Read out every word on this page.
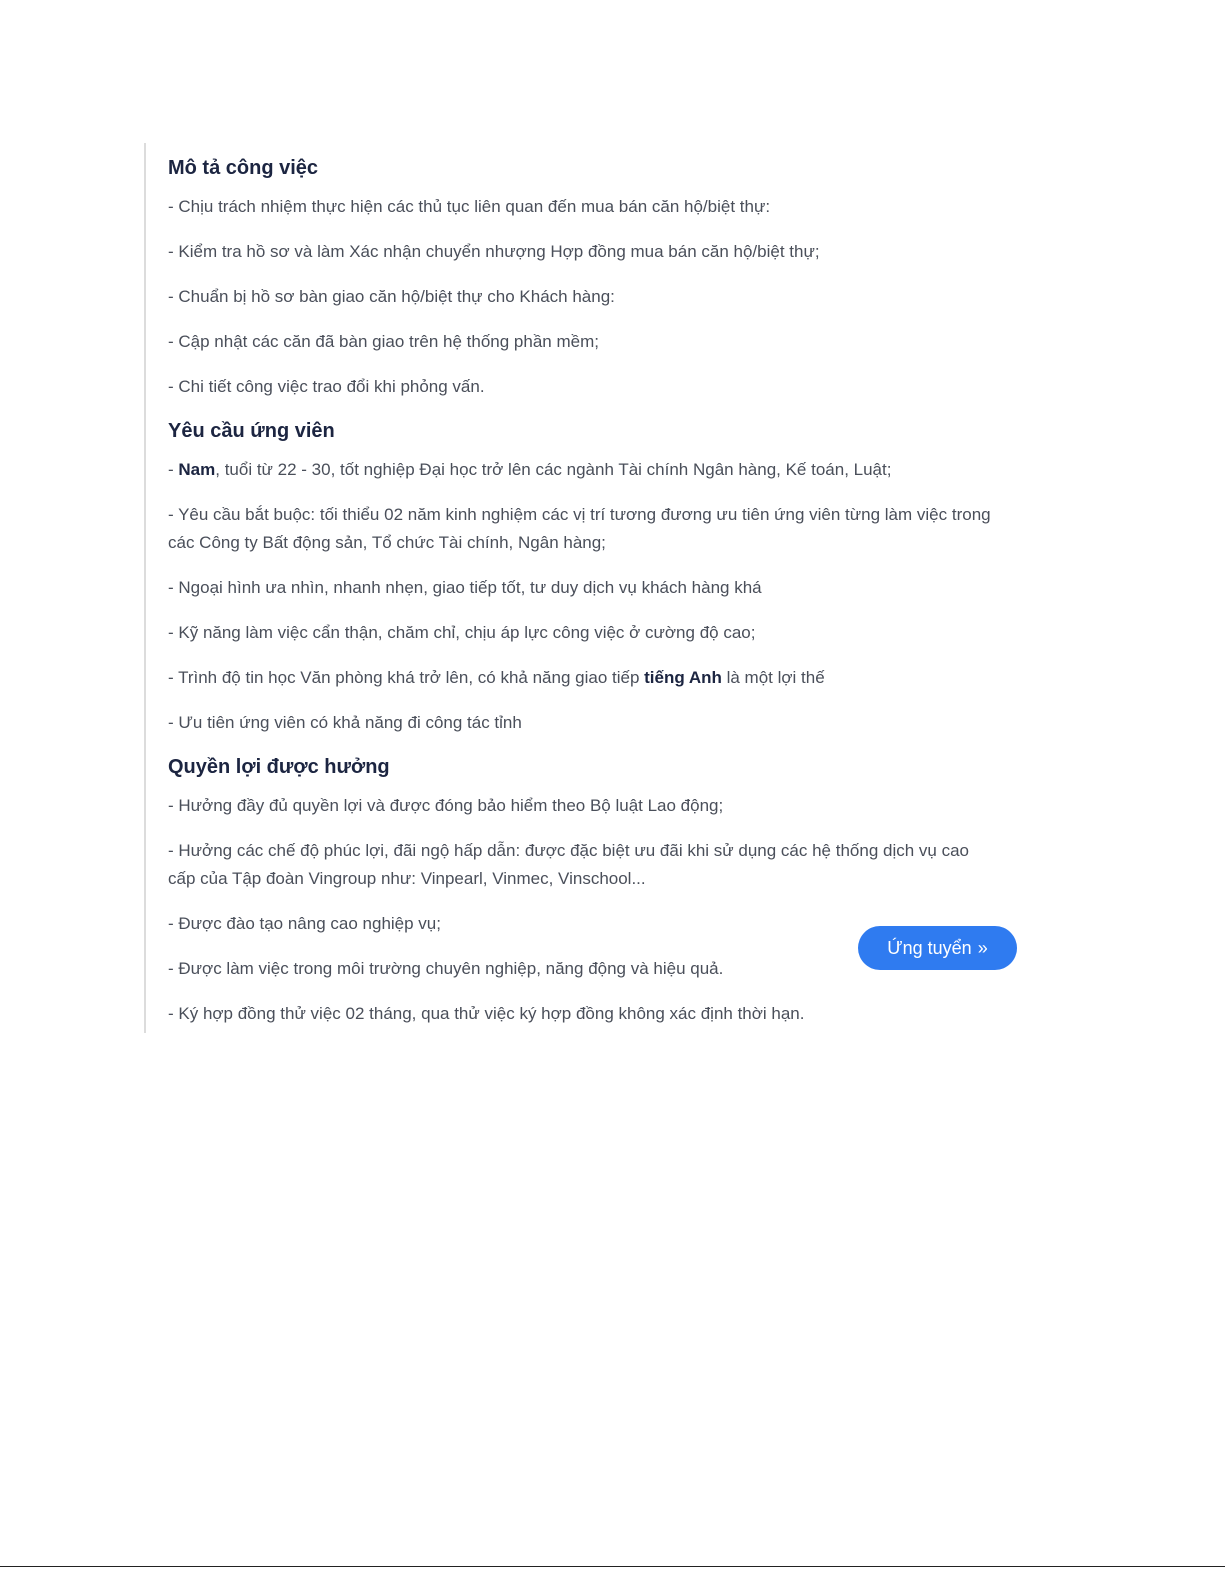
Mô tả công việc

- Chịu trách nhiệm thực hiện các thủ tục liên quan đến mua bán căn hộ/biệt thự:

- Kiểm tra hồ sơ và làm Xác nhận chuyển nhượng Hợp đồng mua bán căn hộ/biệt thự;

- Chuẩn bị hồ sơ bàn giao căn hộ/biệt thự cho Khách hàng:

- Cập nhật các căn đã bàn giao trên hệ thống phần mềm;

- Chi tiết công việc trao đổi khi phỏng vấn.

Yêu cầu ứng viên

- Nam, tuổi từ 22 - 30, tốt nghiệp Đại học trở lên các ngành Tài chính Ngân hàng, Kế toán, Luật;

- Yêu cầu bắt buộc: tối thiểu 02 năm kinh nghiệm các vị trí tương đương ưu tiên ứng viên từng làm việc trong các Công ty Bất động sản, Tổ chức Tài chính, Ngân hàng;

- Ngoại hình ưa nhìn, nhanh nhẹn, giao tiếp tốt, tư duy dịch vụ khách hàng khá

- Kỹ năng làm việc cẩn thận, chăm chỉ, chịu áp lực công việc ở cường độ cao;

- Trình độ tin học Văn phòng khá trở lên, có khả năng giao tiếp tiếng Anh là một lợi thế

- Ưu tiên ứng viên có khả năng đi công tác tỉnh

Quyền lợi được hưởng

- Hưởng đầy đủ quyền lợi và được đóng bảo hiểm theo Bộ luật Lao động;

- Hưởng các chế độ phúc lợi, đãi ngộ hấp dẫn: được đặc biệt ưu đãi khi sử dụng các hệ thống dịch vụ cao cấp của Tập đoàn Vingroup như: Vinpearl, Vinmec, Vinschool...

- Được đào tạo nâng cao nghiệp vụ;

- Được làm việc trong môi trường chuyên nghiệp, năng động và hiệu quả.

- Ký hợp đồng thử việc 02 tháng, qua thử việc ký hợp đồng không xác định thời hạn.

Ứng tuyển »
